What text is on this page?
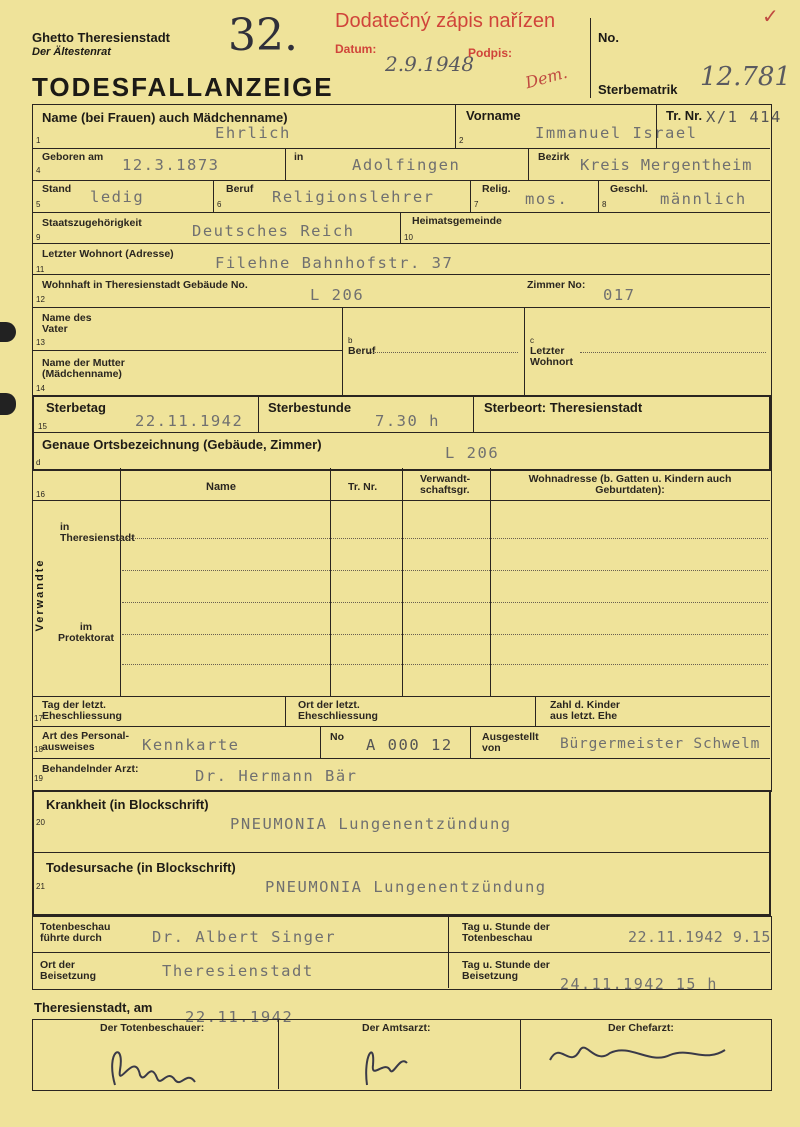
Ghetto Theresienstadt
Der Ältestenrat
TODESFALLANZEIGE
32. Dodatečný zápis nařízen
Datum:
2.9.1948
Podpis:
Dem.
No.
Sterbematrik 12.781
✓
Name (bei Frauen) auch Mädchenname)
1	Ehrlich
Vorname
2	Immanuel Israel
Tr. Nr. X/1 414
Geboren am
4	12.3.1873	in	Adolfingen	Bezirk Kreis Mergentheim
Stand
5	ledig	Beruf
6	Religionslehrer	Relig.
7	mos.
Geschl.
8	männlich
Staatszugehörigkeit
9	Deutsches Reich
Heimatsgemeinde
10
Letzter Wohnort (Adresse)
11	Filehne Bahnhofstr. 37
Wohnhaft in Theresienstadt Gebäude No.
12	L 206
Zimmer No:
017
Name des Vater
13
Name der Mutter (Mädchenname)
14
b
Beruf
c
Letzter Wohnort
Sterbetag
15	22.11.1942
Sterbestunde
7.30 h
Sterbeort: Theresienstadt
Genaue Ortsbezeichnung (Gebäude, Zimmer)
d
L 206
16
Name	Tr. Nr.
Verwandt-schaftsgr.
Wohnadresse (b. Gatten u. Kindern auch Geburtdaten):
Verwandte
in Theresienstadt
im Protektorat
Tag der letzt. Eheschliessung
17
Ort der letzt. Eheschliessung
Zahl d. Kinder aus letzt. Ehe
Art des Personal-ausweises
18	Kennkarte	No A 000 12	Ausgestellt von	Bürgermeister Schwelm
Behandelnder Arzt:
19	Dr. Hermann Bär
Krankheit (in Blockschrift)
20	PNEUMONIA Lungenentzündung
Todesursache (in Blockschrift)
21	PNEUMONIA Lungenentzündung
Totenbeschau führte durch	Dr. Albert Singer
Tag u. Stunde der Totenbeschau	22.11.1942 9.15
Ort der Beisetzung	Theresienstadt	Tag u. Stunde der Beisetzung	24.11.1942 15 h
Theresienstadt, am
22.11.1942
Der Totenbeschauer:	Der Amtsarzt:	Der Chefarzt:
